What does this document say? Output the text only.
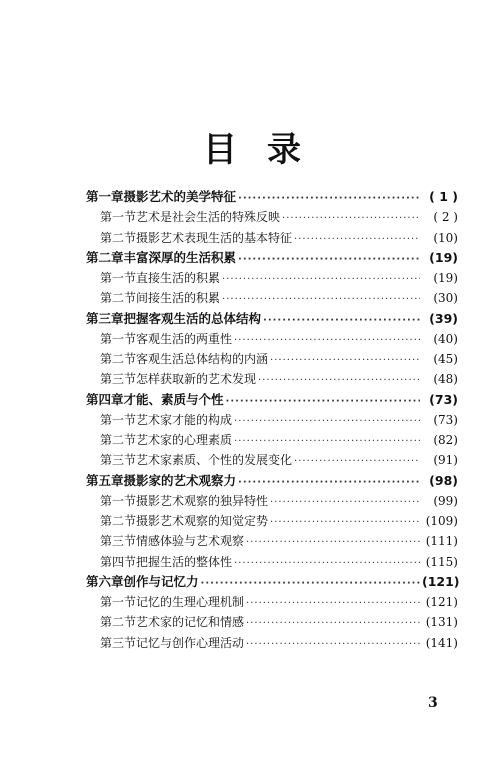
目录
第一章 摄影艺术的美学特征 ·····	( 1 )
第一节 艺术是社会生活的特殊反映 ·····	( 2 )
第二节 摄影艺术表现生活的基本特征 ·····	(10)
第二章 丰富深厚的生活积累 ·····	(19)
第一节 直接生活的积累 ·····	(19)
第二节 间接生活的积累 ·····	(30)
第三章 把握客观生活的总体结构 ·····	(39)
第一节 客观生活的两重性 ·····	(40)
第二节 客观生活总体结构的内涵 ·····	(45)
第三节 怎样获取新的艺术发现 ·····	(48)
第四章 才能、素质与个性 ·····	(73)
第一节 艺术家才能的构成 ·····	(73)
第二节 艺术家的心理素质 ·····	(82)
第三节 艺术家素质、个性的发展变化 ·····	(91)
第五章 摄影家的艺术观察力 ·····	(98)
第一节 摄影艺术观察的独异特性 ·····	(99)
第二节 摄影艺术观察的知觉定势 ·····	(109)
第三节 情感体验与艺术观察 ·····	(111)
第四节 把握生活的整体性 ·····	(115)
第六章 创作与记忆力 ·····	(121)
第一节 记忆的生理心理机制 ·····	(121)
第二节 艺术家的记忆和情感 ·····	(131)
第三节 记忆与创作心理活动 ·····	(141)
3
